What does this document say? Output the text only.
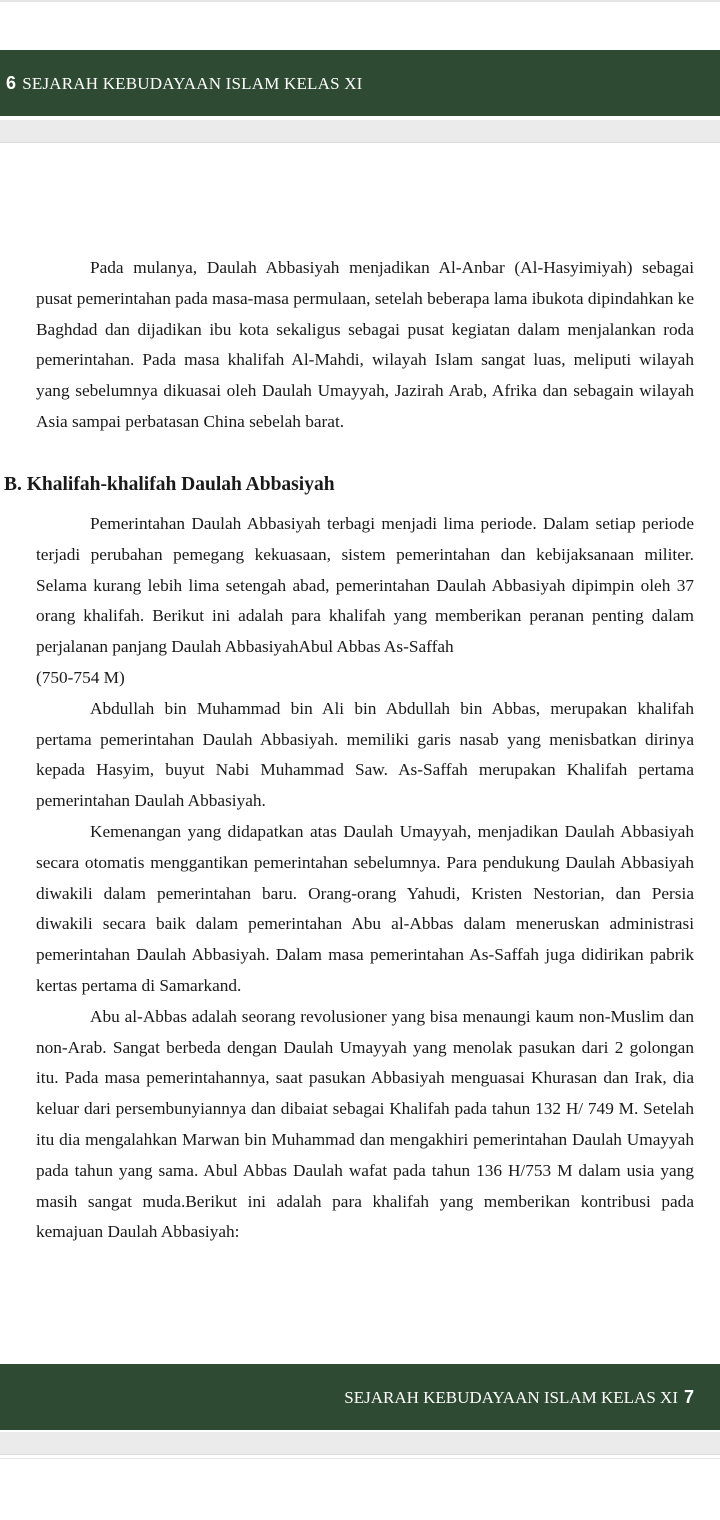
6 SEJARAH KEBUDAYAAN ISLAM KELAS XI

Pada mulanya, Daulah Abbasiyah menjadikan Al-Anbar (Al-Hasyimiyah) sebagai pusat pemerintahan pada masa-masa permulaan, setelah beberapa lama ibukota dipindahkan ke Baghdad dan dijadikan ibu kota sekaligus sebagai pusat kegiatan dalam menjalankan roda pemerintahan. Pada masa khalifah Al-Mahdi, wilayah Islam sangat luas, meliputi wilayah yang sebelumnya dikuasai oleh Daulah Umayyah, Jazirah Arab, Afrika dan sebagain wilayah Asia sampai perbatasan China sebelah barat.

B. Khalifah-khalifah Daulah Abbasiyah

Pemerintahan Daulah Abbasiyah terbagi menjadi lima periode. Dalam setiap periode terjadi perubahan pemegang kekuasaan, sistem pemerintahan dan kebijaksanaan militer. Selama kurang lebih lima setengah abad, pemerintahan Daulah Abbasiyah dipimpin oleh 37 orang khalifah. Berikut ini adalah para khalifah yang memberikan peranan penting dalam perjalanan panjang Daulah AbbasiyahAbul Abbas As-Saffah

(750-754 M)

Abdullah bin Muhammad bin Ali bin Abdullah bin Abbas, merupakan khalifah pertama pemerintahan Daulah Abbasiyah. memiliki garis nasab yang menisbatkan dirinya kepada Hasyim, buyut Nabi Muhammad Saw. As-Saffah merupakan Khalifah pertama pemerintahan Daulah Abbasiyah.

Kemenangan yang didapatkan atas Daulah Umayyah, menjadikan Daulah Abbasiyah secara otomatis menggantikan pemerintahan sebelumnya. Para pendukung Daulah Abbasiyah diwakili dalam pemerintahan baru. Orang-orang Yahudi, Kristen Nestorian, dan Persia diwakili secara baik dalam pemerintahan Abu al-Abbas dalam meneruskan administrasi pemerintahan Daulah Abbasiyah. Dalam masa pemerintahan As-Saffah juga didirikan pabrik kertas pertama di Samarkand.

Abu al-Abbas adalah seorang revolusioner yang bisa menaungi kaum non-Muslim dan non-Arab. Sangat berbeda dengan Daulah Umayyah yang menolak pasukan dari 2 golongan itu. Pada masa pemerintahannya, saat pasukan Abbasiyah menguasai Khurasan dan Irak, dia keluar dari persembunyiannya dan dibaiat sebagai Khalifah pada tahun 132 H/ 749 M. Setelah itu dia mengalahkan Marwan bin Muhammad dan mengakhiri pemerintahan Daulah Umayyah pada tahun yang sama. Abul Abbas Daulah wafat pada tahun 136 H/753 M dalam usia yang masih sangat muda.Berikut ini adalah para khalifah yang memberikan kontribusi pada kemajuan Daulah Abbasiyah:

SEJARAH KEBUDAYAAN ISLAM KELAS XI 7
